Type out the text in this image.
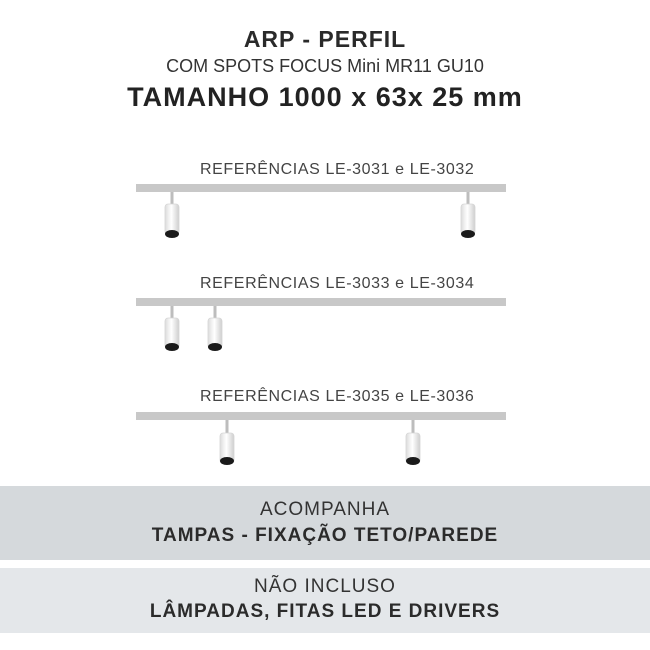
ARP - PERFIL
COM SPOTS FOCUS Mini MR11 GU10
TAMANHO 1000 x 63x 25 mm
REFERÊNCIAS LE-3031 e LE-3032
REFERÊNCIAS LE-3033 e LE-3034
REFERÊNCIAS LE-3035 e LE-3036
ACOMPANHA
TAMPAS - FIXAÇÃO TETO/PAREDE
NÃO INCLUSO
LÂMPADAS, FITAS LED E DRIVERS
